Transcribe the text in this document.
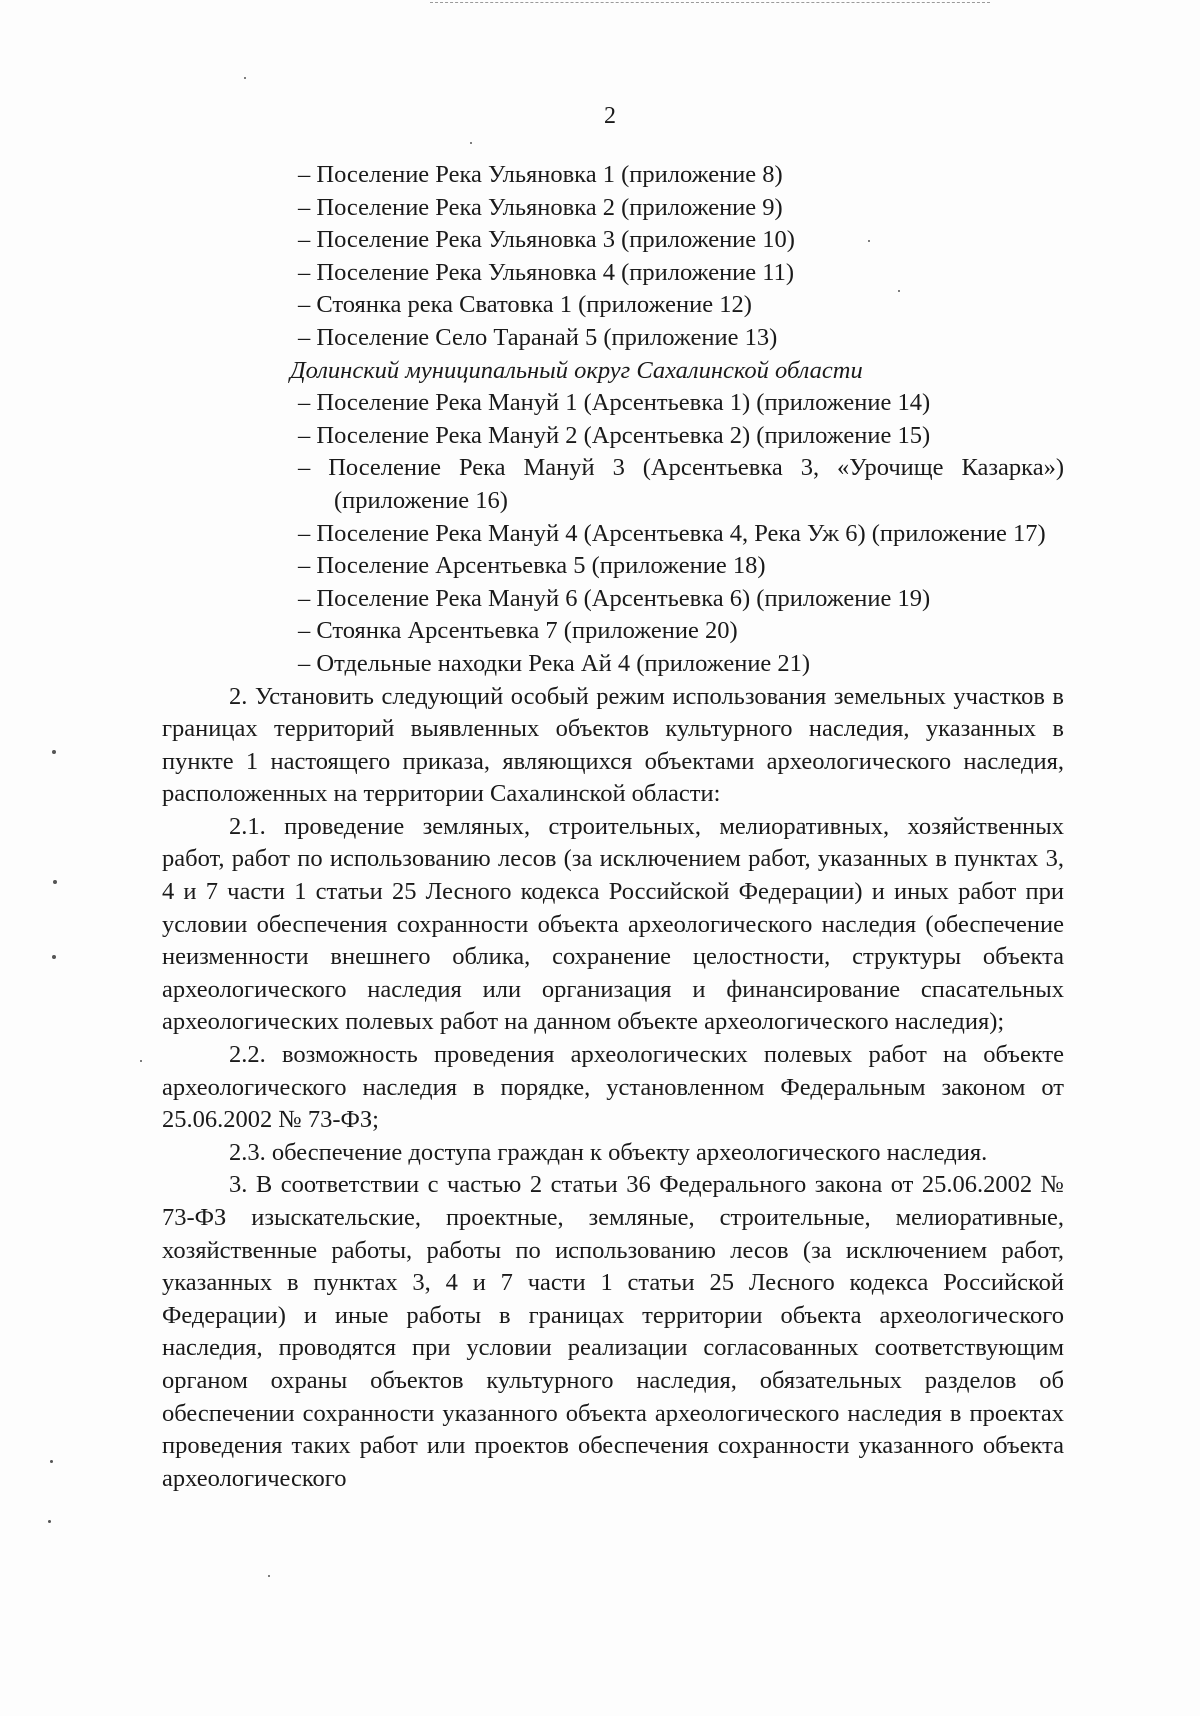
2

– Поселение Река Ульяновка 1 (приложение 8)

– Поселение Река Ульяновка 2 (приложение 9)

– Поселение Река Ульяновка 3 (приложение 10)

– Поселение Река Ульяновка 4 (приложение 11)

– Стоянка река Сватовка 1 (приложение 12)

– Поселение Село Таранай 5 (приложение 13)

Долинский муниципальный округ Сахалинской области

– Поселение Река Мануй 1 (Арсентьевка 1) (приложение 14)

– Поселение Река Мануй 2 (Арсентьевка 2) (приложение 15)

– Поселение Река Мануй 3 (Арсентьевка 3, «Урочище Казарка») (приложение 16)

– Поселение Река Мануй 4 (Арсентьевка 4, Река Уж 6) (приложение 17)

– Поселение Арсентьевка 5 (приложение 18)

– Поселение Река Мануй 6 (Арсентьевка 6) (приложение 19)

– Стоянка Арсентьевка 7 (приложение 20)

– Отдельные находки Река Ай 4 (приложение 21)

2. Установить следующий особый режим использования земельных участков в границах территорий выявленных объектов культурного наследия, указанных в пункте 1 настоящего приказа, являющихся объектами археологического наследия, расположенных на территории Сахалинской области:

2.1. проведение земляных, строительных, мелиоративных, хозяйственных работ, работ по использованию лесов (за исключением работ, указанных в пунктах 3, 4 и 7 части 1 статьи 25 Лесного кодекса Российской Федерации) и иных работ при условии обеспечения сохранности объекта археологического наследия (обеспечение неизменности внешнего облика, сохранение целостности, структуры объекта археологического наследия или организация и финансирование спасательных археологических полевых работ на данном объекте археологического наследия);

2.2. возможность проведения археологических полевых работ на объекте археологического наследия в порядке, установленном Федеральным законом от 25.06.2002 № 73-ФЗ;

2.3. обеспечение доступа граждан к объекту археологического наследия.

3. В соответствии с частью 2 статьи 36 Федерального закона от 25.06.2002 № 73-ФЗ изыскательские, проектные, земляные, строительные, мелиоративные, хозяйственные работы, работы по использованию лесов (за исключением работ, указанных в пунктах 3, 4 и 7 части 1 статьи 25 Лесного кодекса Российской Федерации) и иные работы в границах территории объекта археологического наследия, проводятся при условии реализации согласованных соответствующим органом охраны объектов культурного наследия, обязательных разделов об обеспечении сохранности указанного объекта археологического наследия в проектах проведения таких работ или проектов обеспечения сохранности указанного объекта археологического
